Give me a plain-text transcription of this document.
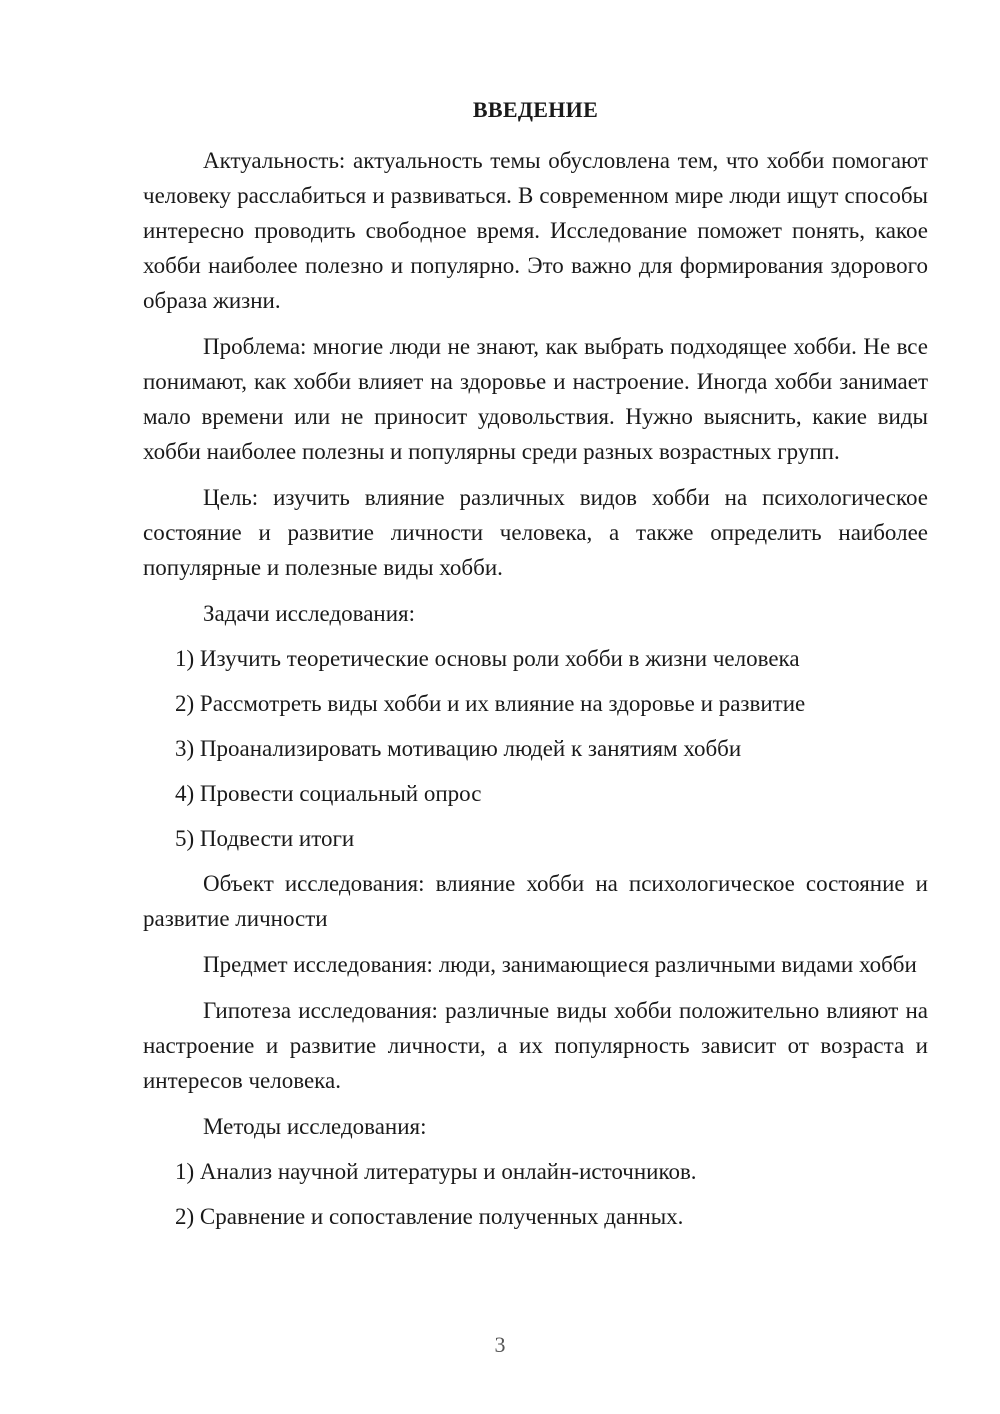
ВВЕДЕНИЕ

Актуальность: актуальность темы обусловлена тем, что хобби помогают человеку расслабиться и развиваться. В современном мире люди ищут способы интересно проводить свободное время. Исследование поможет понять, какое хобби наиболее полезно и популярно. Это важно для формирования здорового образа жизни.

Проблема: многие люди не знают, как выбрать подходящее хобби. Не все понимают, как хобби влияет на здоровье и настроение. Иногда хобби занимает мало времени или не приносит удовольствия. Нужно выяснить, какие виды хобби наиболее полезны и популярны среди разных возрастных групп.

Цель: изучить влияние различных видов хобби на психологическое состояние и развитие личности человека, а также определить наиболее популярные и полезные виды хобби.

Задачи исследования:

1) Изучить теоретические основы роли хобби в жизни человека
2) Рассмотреть виды хобби и их влияние на здоровье и развитие
3) Проанализировать мотивацию людей к занятиям хобби
4) Провести социальный опрос
5) Подвести итоги

Объект исследования: влияние хобби на психологическое состояние и развитие личности

Предмет исследования: люди, занимающиеся различными видами хобби

Гипотеза исследования: различные виды хобби положительно влияют на настроение и развитие личности, а их популярность зависит от возраста и интересов человека.

Методы исследования:

1) Анализ научной литературы и онлайн-источников.
2) Сравнение и сопоставление полученных данных.
3
